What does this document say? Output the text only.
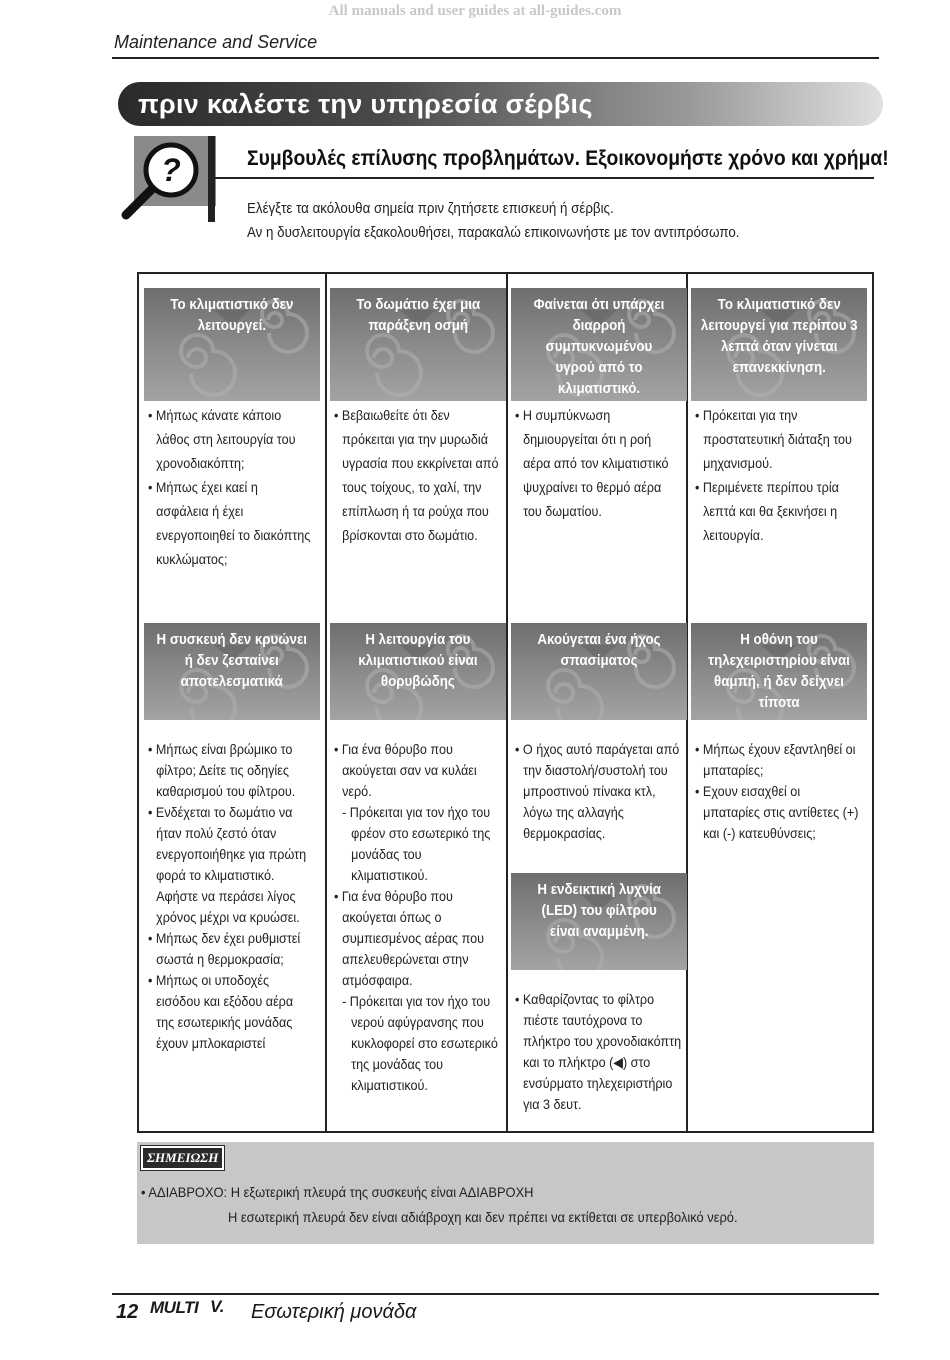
All manuals and user guides at all-guides.com
Maintenance and Service
πριν καλέστε την υπηρεσία σέρβις
?	Συμβουλές επίλυσης προβλημάτων. Εξοικονομήστε χρόνο και χρήμα!
Ελέγξτε τα ακόλουθα σημεία πριν ζητήσετε επισκευή ή σέρβις.
Αν η δυσλειτουργία εξακολουθήσει, παρακαλώ επικοινωνήστε με τον αντιπρόσωπο.
Το κλιματιστικό δεν
λειτουργεί.
• Μήπως κάνατε κάποιο
λάθος στη λειτουργία του
χρονοδιακόπτη;
• Μήπως έχει καεί η
ασφάλεια ή έχει
ενεργοποιηθεί το διακόπτης
κυκλώματος;
Το δωμάτιο έχει μια
παράξενη οσμή
• Βεβαιωθείτε ότι δεν
πρόκειται για την μυρωδιά
υγρασία που εκκρίνεται από
τους τοίχους, το χαλί, την
επίπλωση ή τα ρούχα που
βρίσκονται στο δωμάτιο.
Φαίνεται ότι υπάρχει
διαρροή συμπυκνωμένου
υγρού από το
κλιματιστικό.
• Η συμπύκνωση
δημιουργείται ότι η ροή
αέρα από τον κλιματιστικό
ψυχραίνει το θερμό αέρα
του δωματίου.
Το κλιματιστικό δεν
λειτουργεί για περίπου 3
λεπτά όταν γίνεται
επανεκκίνηση.
• Πρόκειται για την
προστατευτική διάταξη του
μηχανισμού.
• Περιμένετε περίπου τρία
λεπτά και θα ξεκινήσει η
λειτουργία.
Η συσκευή δεν κρυώνει
ή δεν ζεσταίνει
αποτελεσματικά
• Μήπως είναι βρώμικο το
φίλτρο; Δείτε τις οδηγίες
καθαρισμού του φίλτρου.
• Ενδέχεται το δωμάτιο να
ήταν πολύ ζεστό όταν
ενεργοποιήθηκε για πρώτη
φορά το κλιματιστικό.
Αφήστε να περάσει λίγος
χρόνος μέχρι να κρυώσει.
• Μήπως δεν έχει ρυθμιστεί
σωστά η θερμοκρασία;
• Μήπως οι υποδοχές
εισόδου και εξόδου αέρα
της εσωτερικής μονάδας
έχουν μπλοκαριστεί
Η λειτουργία του
κλιματιστικού είναι
θορυβώδης
• Για ένα θόρυβο που
ακούγεται σαν να κυλάει
νερό.
- Πρόκειται για τον ήχο του
φρέον στο εσωτερικό της
μονάδας του
κλιματιστικού.
• Για ένα θόρυβο που
ακούγεται όπως ο
συμπιεσμένος αέρας που
απελευθερώνεται στην
ατμόσφαιρα.
- Πρόκειται για τον ήχο του
νερού αφύγρανσης που
κυκλοφορεί στο εσωτερικό
της μονάδας του
κλιματιστικού.
Ακούγεται ένα ήχος
σπασίματος
• Ο ήχος αυτό παράγεται από
την διαστολή/συστολή του
μπροστινού πίνακα κτλ,
λόγω της αλλαγής
θερμοκρασίας.
Η ενδεικτική λυχνία
(LED) του φίλτρου
είναι αναμμένη.
• Καθαρίζοντας το φίλτρο
πιέστε ταυτόχρονα το
πλήκτρο του χρονοδιακόπτη
και το πλήκτρο (◀) στο
ενσύρματο τηλεχειριστήριο
για 3 δευτ.
Η οθόνη του
τηλεχειριστηρίου είναι
θαμπή, ή δεν δείχνει
τίποτα
• Μήπως έχουν εξαντληθεί οι
μπαταρίες;
• Εχουν εισαχθεί οι
μπαταρίες στις αντίθετες (+)
και (-) κατευθύνσεις;
ΣΗΜΕΙΩΣΗ
• ΑΔΙΑΒΡΟΧΟ: Η εξωτερική πλευρά της συσκευής είναι ΑΔΙΑΒΡΟΧΗ
Η εσωτερική πλευρά δεν είναι αδιάβροχη και δεν πρέπει να εκτίθεται σε υπερβολικό νερό.
12 MULTI V. Εσωτερική μονάδα
